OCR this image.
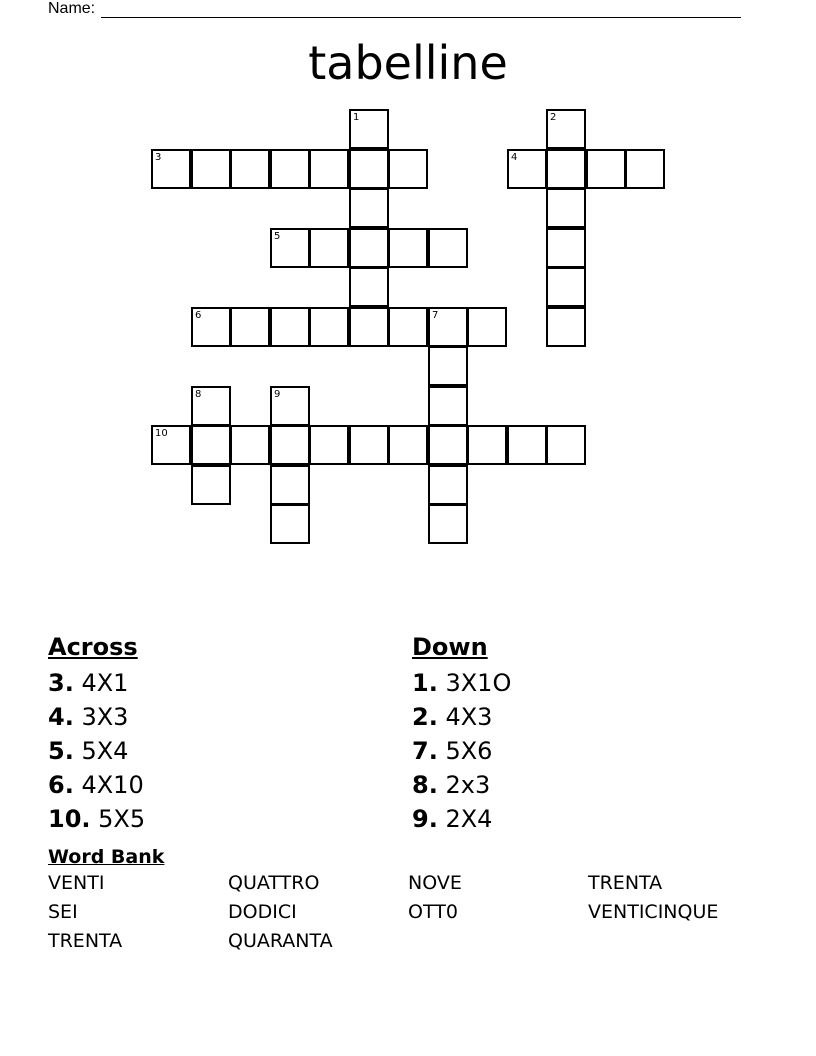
Name:
tabelline
1	2
3	4
5
6	7
8	9
10
Across
3. 4X1
4. 3X3
5. 5X4
6. 4X10
10. 5X5
Down
1. 3X1O
2. 4X3
7. 5X6
8. 2x3
9. 2X4
Word Bank
VENTI	QUATTRO	NOVE	TRENTA
SEI	DODICI	OTT0	VENTICINQUE
TRENTA	QUARANTA
